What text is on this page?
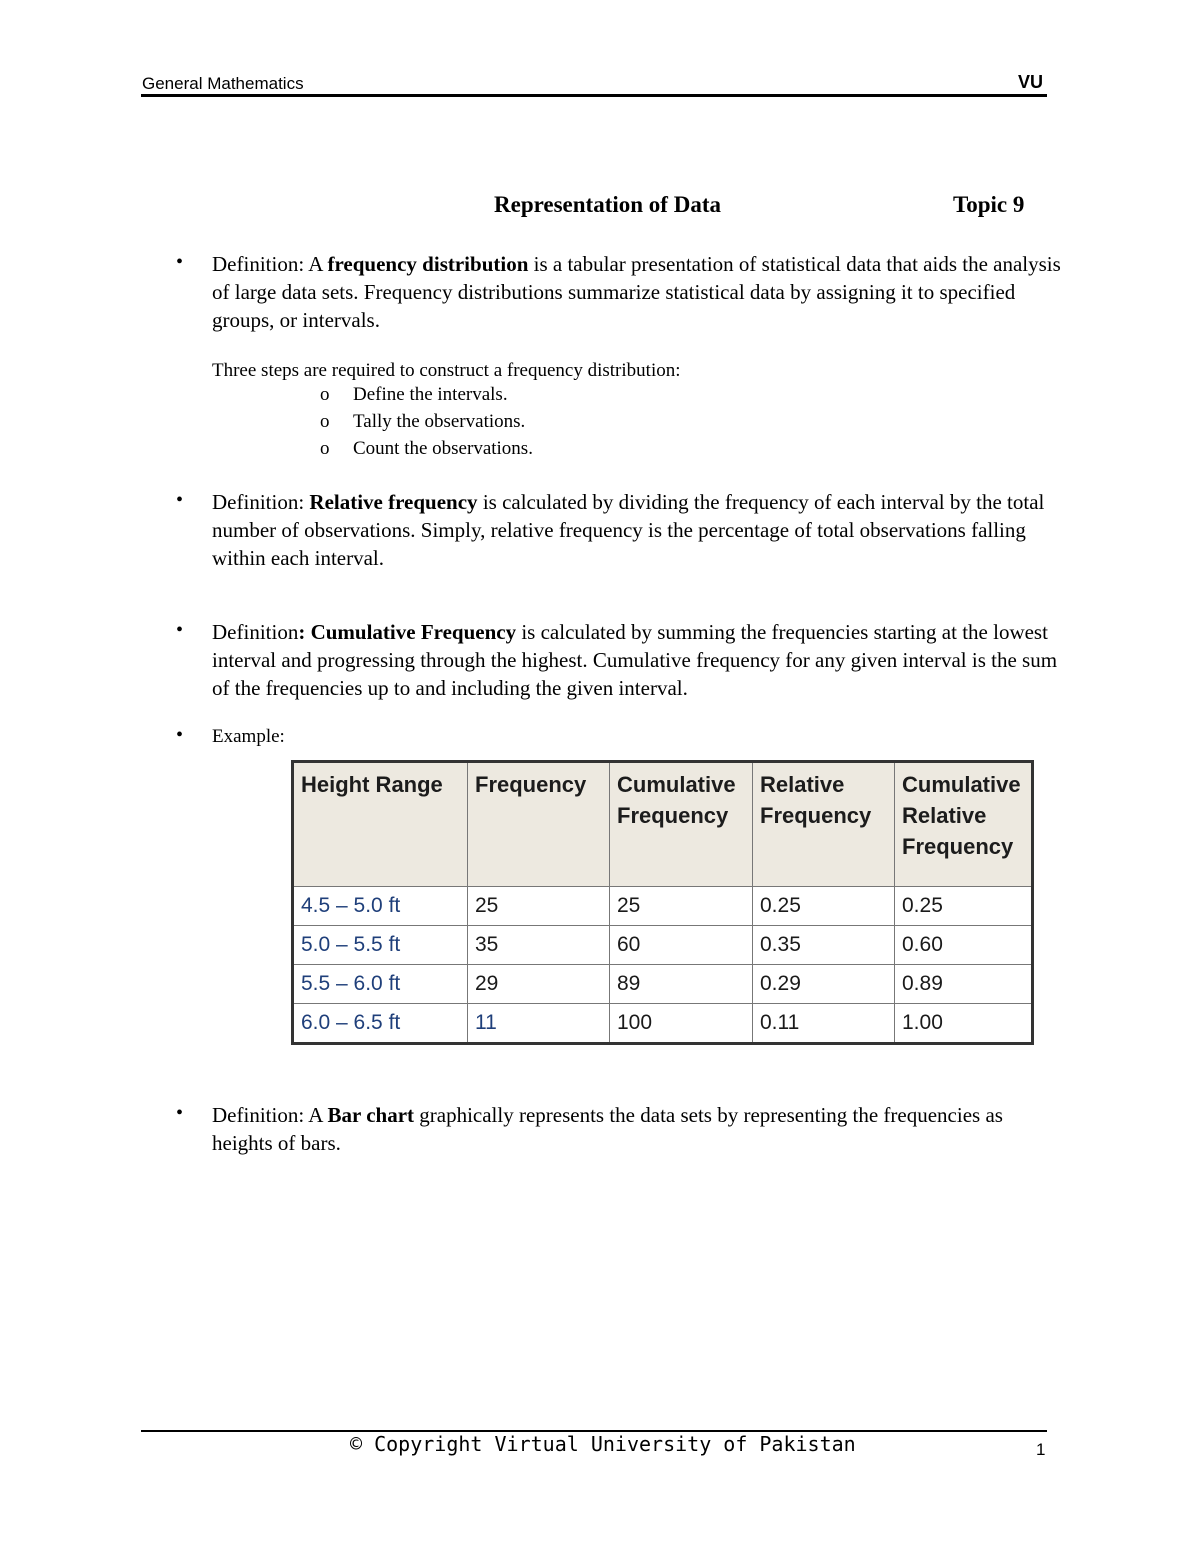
General Mathematics	VU
Representation of Data	Topic 9
• Definition: A frequency distribution is a tabular presentation of statistical data that aids the analysis of large data sets. Frequency distributions summarize statistical data by assigning it to specified groups, or intervals.
Three steps are required to construct a frequency distribution:
o Define the intervals.
o Tally the observations.
o Count the observations.
• Definition: Relative frequency is calculated by dividing the frequency of each interval by the total number of observations. Simply, relative frequency is the percentage of total observations falling within each interval.
• Definition: Cumulative Frequency is calculated by summing the frequencies starting at the lowest interval and progressing through the highest. Cumulative frequency for any given interval is the sum of the frequencies up to and including the given interval.
• Example:
Height Range	Frequency	Cumulative Frequency	Relative Frequency	Cumulative Relative Frequency
4.5 – 5.0 ft	25	25	0.25	0.25
5.0 – 5.5 ft	35	60	0.35	0.60
5.5 – 6.0 ft	29	89	0.29	0.89
6.0 – 6.5 ft	11	100	0.11	1.00
• Definition: A Bar chart graphically represents the data sets by representing the frequencies as heights of bars.
© Copyright Virtual University of Pakistan	1
